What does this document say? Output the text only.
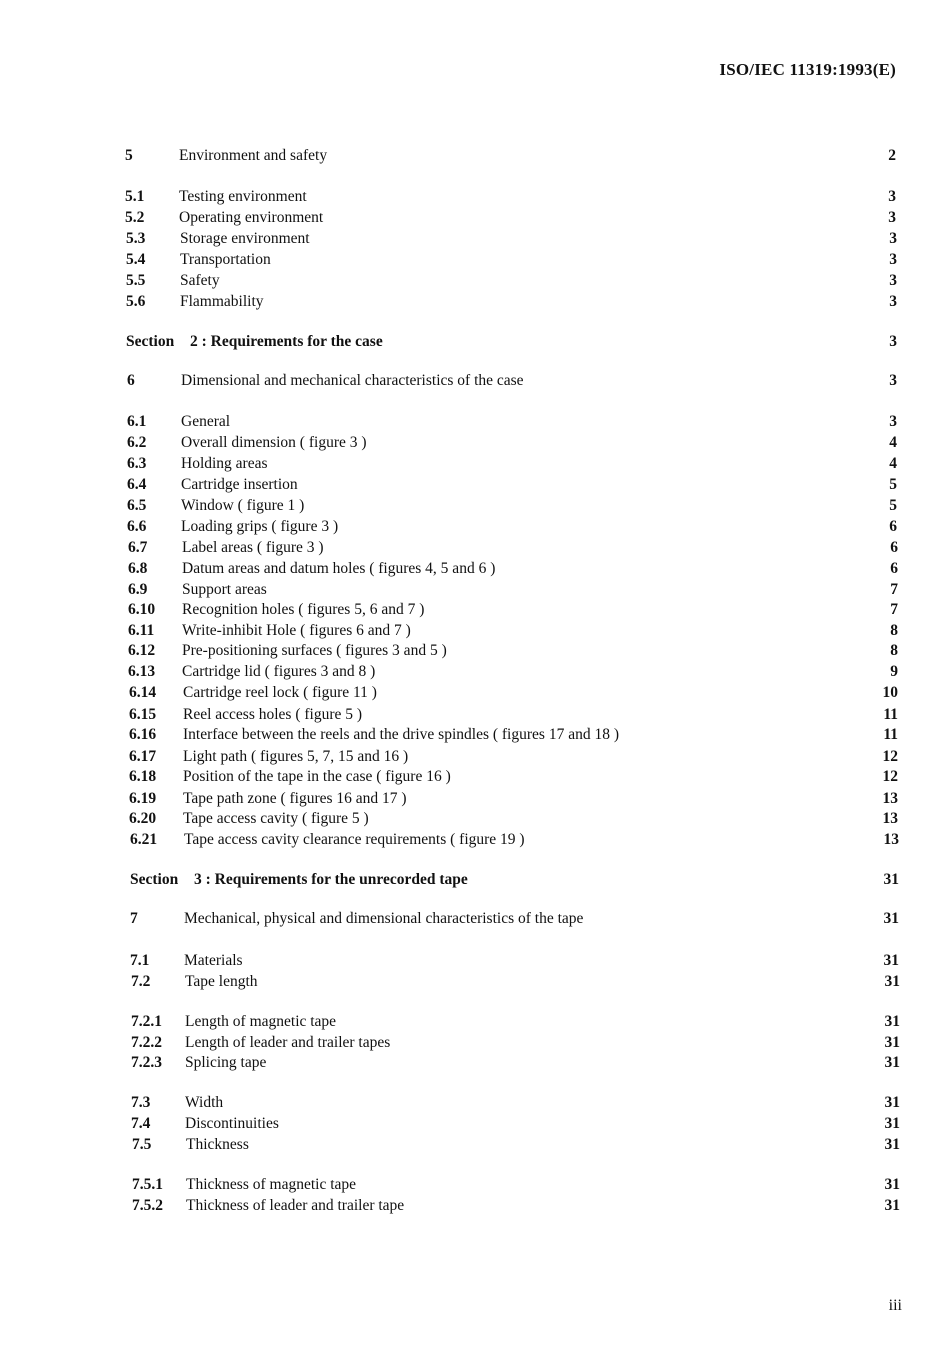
ISO/IEC 11319:1993(E)
5	Environment and safety	2
5.1 Testing environment	3
5.2 Operating environment	3
5.3 Storage environment	3
5.4 Transportation	3
5.5 Safety	3
5.6 Flammability	3
Section 2 : Requirements for the case	3
6	Dimensional and mechanical characteristics of the case	3
6.1 General	3
6.2 Overall dimension ( figure 3 )	4
6.3 Holding areas	4
6.4 Cartridge insertion	5
6.5 Window ( figure 1 )	5
6.6 Loading grips ( figure 3 )	6
6.7 Label areas ( figure 3 )	6
6.8 Datum areas and datum holes ( figures 4, 5 and 6 )	6
6.9 Support areas	7
6.10 Recognition holes ( figures 5, 6 and 7 )	7
6.11 Write-inhibit Hole ( figures 6 and 7 )	8
6.12 Pre-positioning surfaces ( figures 3 and 5 )	8
6.13 Cartridge lid ( figures 3 and 8 )	9
6.14 Cartridge reel lock ( figure 11 )	10
6.15 Reel access holes ( figure 5 )	11
6.16 Interface between the reels and the drive spindles ( figures 17 and 18 )	11
6.17 Light path ( figures 5, 7, 15 and 16 )	12
6.18 Position of the tape in the case ( figure 16 )	12
6.19 Tape path zone ( figures 16 and 17 )	13
6.20 Tape access cavity ( figure 5 )	13
6.21 Tape access cavity clearance requirements ( figure 19 )	13
Section 3 : Requirements for the unrecorded tape	31
7	Mechanical, physical and dimensional characteristics of the tape	31
7.1 Materials	31
7.2 Tape length	31
7.2.1 Length of magnetic tape	31
7.2.2 Length of leader and trailer tapes	31
7.2.3 Splicing tape	31
7.3 Width	31
7.4 Discontinuities	31
7.5 Thickness	31
7.5.1 Thickness of magnetic tape	31
7.5.2 Thickness of leader and trailer tape	31
iii
